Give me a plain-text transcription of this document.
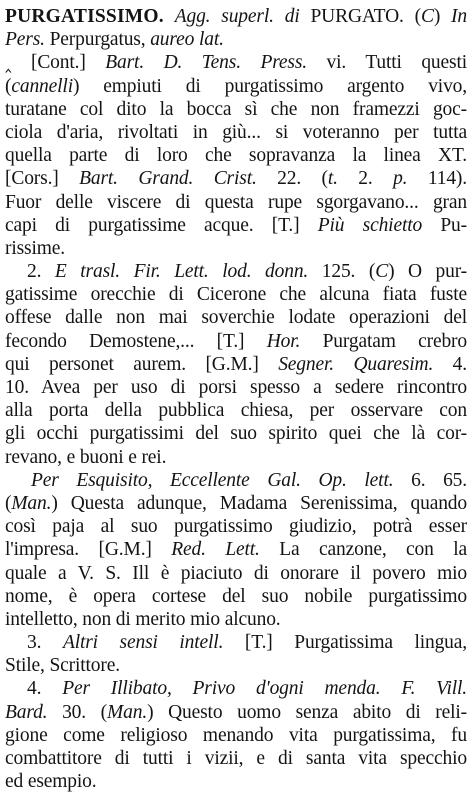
PURGATISSIMO. Agg. superl. di PURGATO. (C) In
Pers. Perpurgatus, aureo lat.
‸ [Cont.] Bart. D. Tens. Press. vi. Tutti questi
(cannelli) empiuti di purgatissimo argento vivo,
turatane col dito la bocca sì che non framezzi goc-
ciola d'aria, rivoltati in giù... si voteranno per tutta
quella parte di loro che sopravanza la linea XT.
[Cors.] Bart. Grand. Crist. 22. (t. 2. p. 114).
Fuor delle viscere di questa rupe sgorgavano... gran
capi di purgatissime acque. [T.] Più schietto Pu-
rissime.
2. E trasl. Fir. Lett. lod. donn. 125. (C) O pur-
gatissime orecchie di Cicerone che alcuna fiata fuste
offese dalle non mai soverchie lodate operazioni del
fecondo Demostene,... [T.] Hor. Purgatam crebro
qui personet aurem. [G.M.] Segner. Quaresim. 4.
10. Avea per uso di porsi spesso a sedere rincontro
alla porta della pubblica chiesa, per osservare con
gli occhi purgatissimi del suo spirito quei che là cor-
revano, e buoni e rei.
Per Esquisito, Eccellente Gal. Op. lett. 6. 65.
(Man.) Questa adunque, Madama Serenissima, quando
così paja al suo purgatissimo giudizio, potrà esser
l'impresa. [G.M.] Red. Lett. La canzone, con la
quale a V. S. Ill è piaciuto di onorare il povero mio
nome, è opera cortese del suo nobile purgatissimo
intelletto, non di merito mio alcuno.
3. Altri sensi intell. [T.] Purgatissima lingua,
Stile, Scrittore.
4. Per Illibato, Privo d'ogni menda. F. Vill.
Bard. 30. (Man.) Questo uomo senza abito di reli-
gione come religioso menando vita purgatissima, fu
combattitore di tutti i vizii, e di santa vita specchio
ed esempio.
